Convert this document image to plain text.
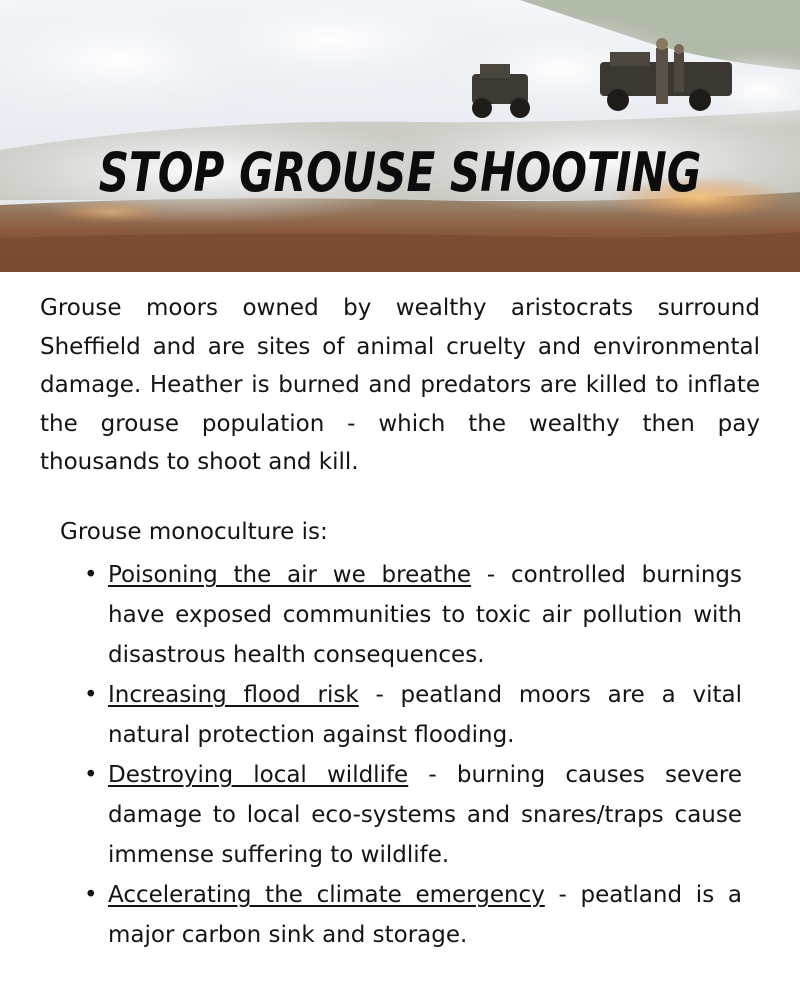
STOP GROUSE SHOOTING

Grouse moors owned by wealthy aristocrats surround Sheffield and are sites of animal cruelty and environmental damage. Heather is burned and predators are killed to inflate the grouse population - which the wealthy then pay thousands to shoot and kill.

Grouse monoculture is:

• Poisoning the air we breathe - controlled burnings have exposed communities to toxic air pollution with disastrous health consequences.
• Increasing flood risk - peatland moors are a vital natural protection against flooding.
• Destroying local wildlife - burning causes severe damage to local eco-systems and snares/traps cause immense suffering to wildlife.
• Accelerating the climate emergency - peatland is a major carbon sink and storage.
